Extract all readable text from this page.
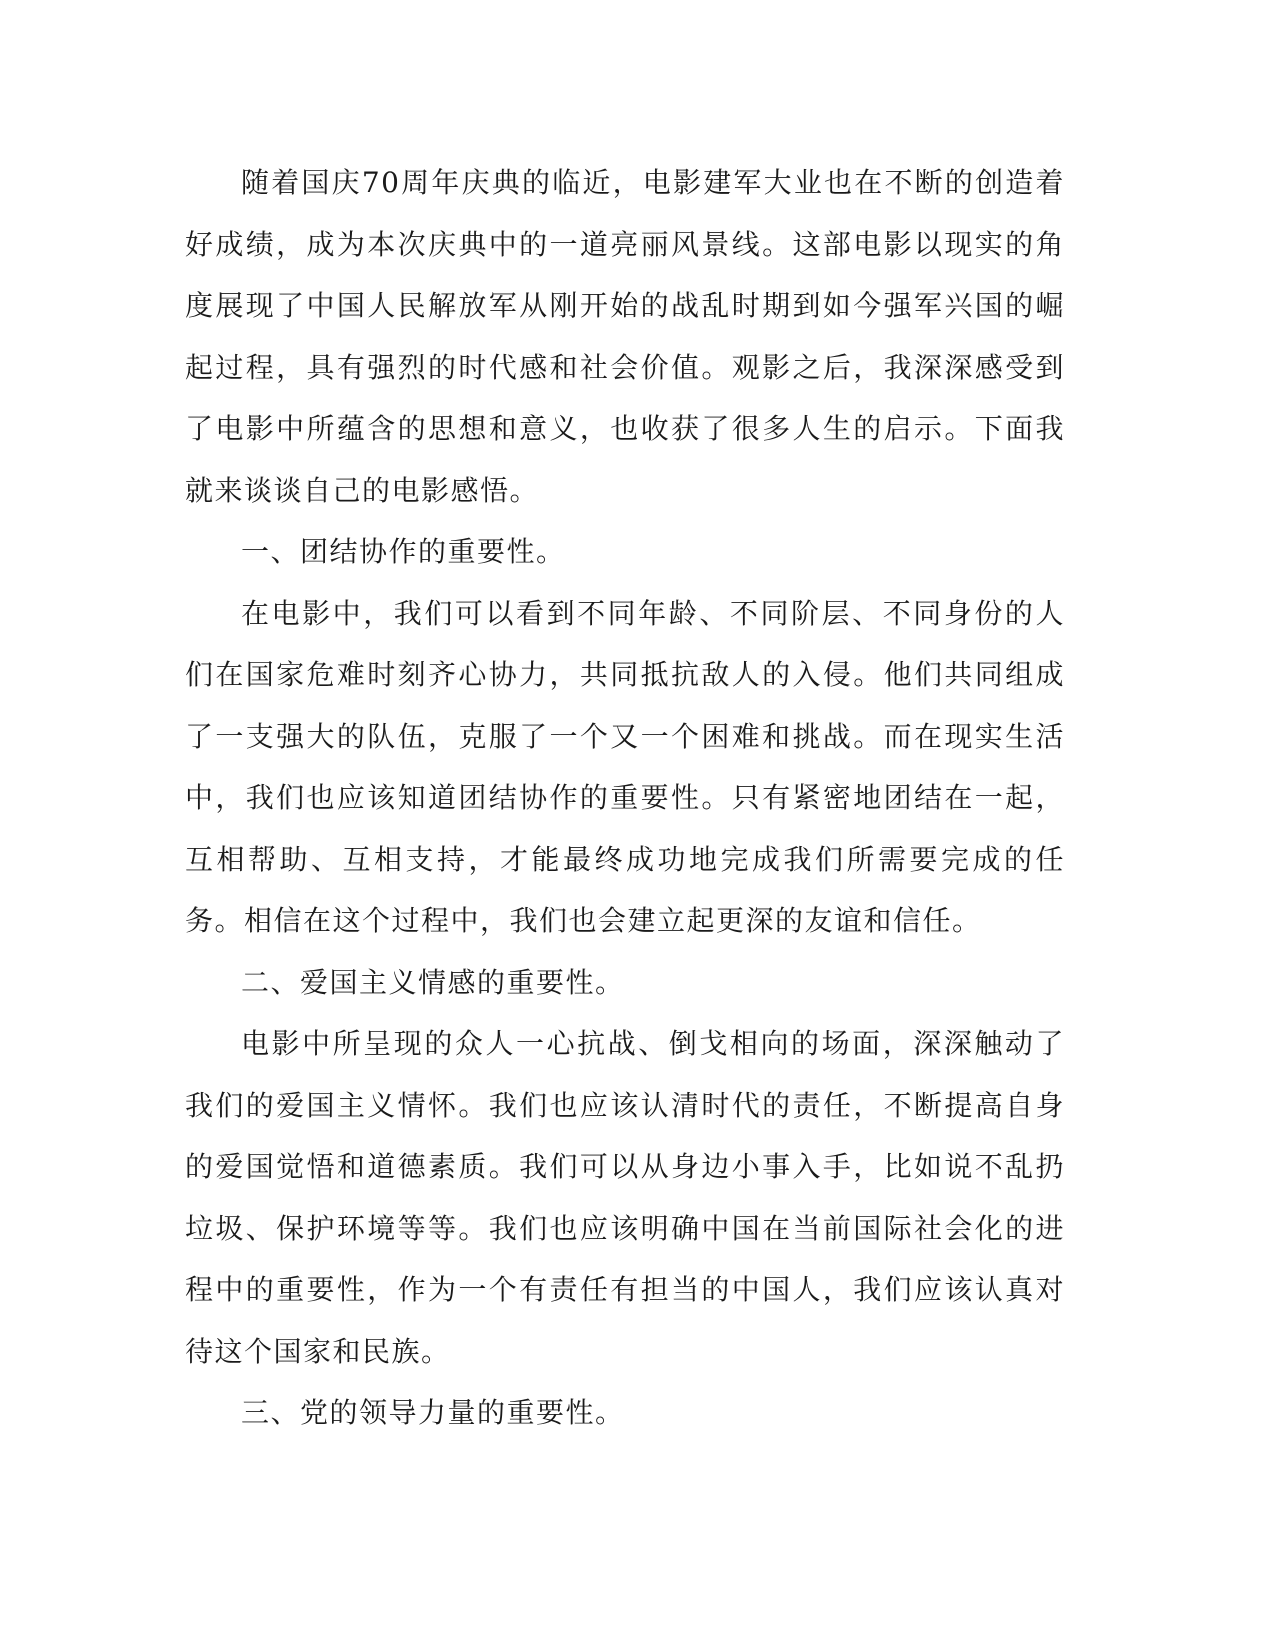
随着国庆70周年庆典的临近，电影建军大业也在不断的创造着好成绩，成为本次庆典中的一道亮丽风景线。这部电影以现实的角度展现了中国人民解放军从刚开始的战乱时期到如今强军兴国的崛起过程，具有强烈的时代感和社会价值。观影之后，我深深感受到了电影中所蕴含的思想和意义，也收获了很多人生的启示。下面我就来谈谈自己的电影感悟。

一、团结协作的重要性。

在电影中，我们可以看到不同年龄、不同阶层、不同身份的人们在国家危难时刻齐心协力，共同抵抗敌人的入侵。他们共同组成了一支强大的队伍，克服了一个又一个困难和挑战。而在现实生活中，我们也应该知道团结协作的重要性。只有紧密地团结在一起，互相帮助、互相支持，才能最终成功地完成我们所需要完成的任务。相信在这个过程中，我们也会建立起更深的友谊和信任。

二、爱国主义情感的重要性。

电影中所呈现的众人一心抗战、倒戈相向的场面，深深触动了我们的爱国主义情怀。我们也应该认清时代的责任，不断提高自身的爱国觉悟和道德素质。我们可以从身边小事入手，比如说不乱扔垃圾、保护环境等等。我们也应该明确中国在当前国际社会化的进程中的重要性，作为一个有责任有担当的中国人，我们应该认真对待这个国家和民族。

三、党的领导力量的重要性。
